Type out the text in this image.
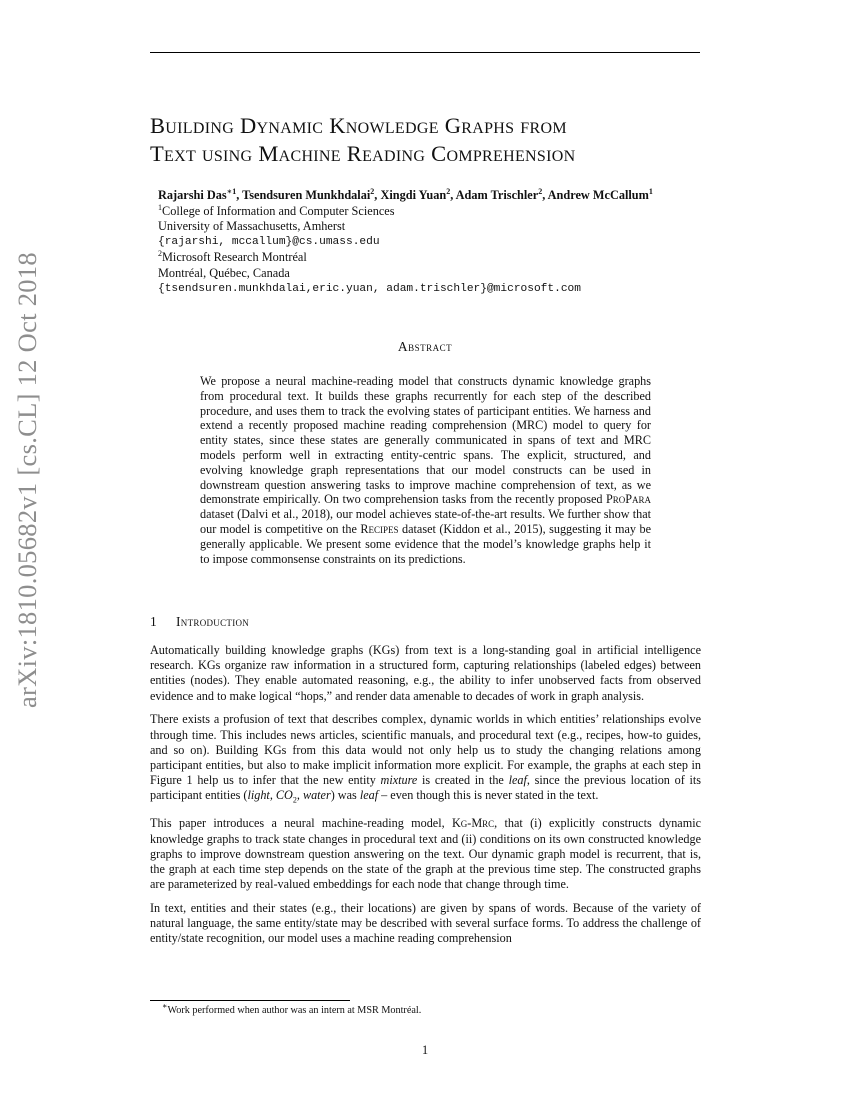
arXiv:1810.05682v1 [cs.CL] 12 Oct 2018
Building Dynamic Knowledge Graphs from
Text using Machine Reading Comprehension
Rajarshi Das$^{∗1}$, Tsendsuren Munkhdalai$^2$, Xingdi Yuan$^2$, Adam Trischler$^2$, Andrew McCallum$^1$
$^1$College of Information and Computer Sciences
University of Massachusetts, Amherst
{rajarshi, mccallum}@cs.umass.edu
$^2$Microsoft Research Montréal
Montréal, Québec, Canada
{tsendsuren.munkhdalai,eric.yuan, adam.trischler}@microsoft.com
Abstract

We propose a neural machine-reading model that constructs dynamic knowledge graphs from procedural text. It builds these graphs recurrently for each step of the described procedure, and uses them to track the evolving states of participant entities. We harness and extend a recently proposed machine reading comprehension (MRC) model to query for entity states, since these states are generally communicated in spans of text and MRC models perform well in extracting entity-centric spans. The explicit, structured, and evolving knowledge graph representations that our model constructs can be used in downstream question answering tasks to improve machine comprehension of text, as we demonstrate empirically. On two comprehension tasks from the recently proposed ProPara dataset (Dalvi et al., 2018), our model achieves state-of-the-art results. We further show that our model is competitive on the Recipes dataset (Kiddon et al., 2015), suggesting it may be generally applicable. We present some evidence that the model’s knowledge graphs help it to impose commonsense constraints on its predictions.

1 Introduction

Automatically building knowledge graphs (KGs) from text is a long-standing goal in artificial intelligence research. KGs organize raw information in a structured form, capturing relationships (labeled edges) between entities (nodes). They enable automated reasoning, e.g., the ability to infer unobserved facts from observed evidence and to make logical “hops,” and render data amenable to decades of work in graph analysis.

There exists a profusion of text that describes complex, dynamic worlds in which entities’ relationships evolve through time. This includes news articles, scientific manuals, and procedural text (e.g., recipes, how-to guides, and so on). Building KGs from this data would not only help us to study the changing relations among participant entities, but also to make implicit information more explicit. For example, the graphs at each step in Figure 1 help us to infer that the new entity mixture is created in the leaf, since the previous location of its participant entities (light, $CO_2$, water) was leaf – even though this is never stated in the text.

This paper introduces a neural machine-reading model, Kg-Mrc, that (i) explicitly constructs dynamic knowledge graphs to track state changes in procedural text and (ii) conditions on its own constructed knowledge graphs to improve downstream question answering on the text. Our dynamic graph model is recurrent, that is, the graph at each time step depends on the state of the graph at the previous time step. The constructed graphs are parameterized by real-valued embeddings for each node that change through time.

In text, entities and their states (e.g., their locations) are given by spans of words. Because of the variety of natural language, the same entity/state may be described with several surface forms. To address the challenge of entity/state recognition, our model uses a machine reading comprehension

∗Work performed when author was an intern at MSR Montréal.
1
